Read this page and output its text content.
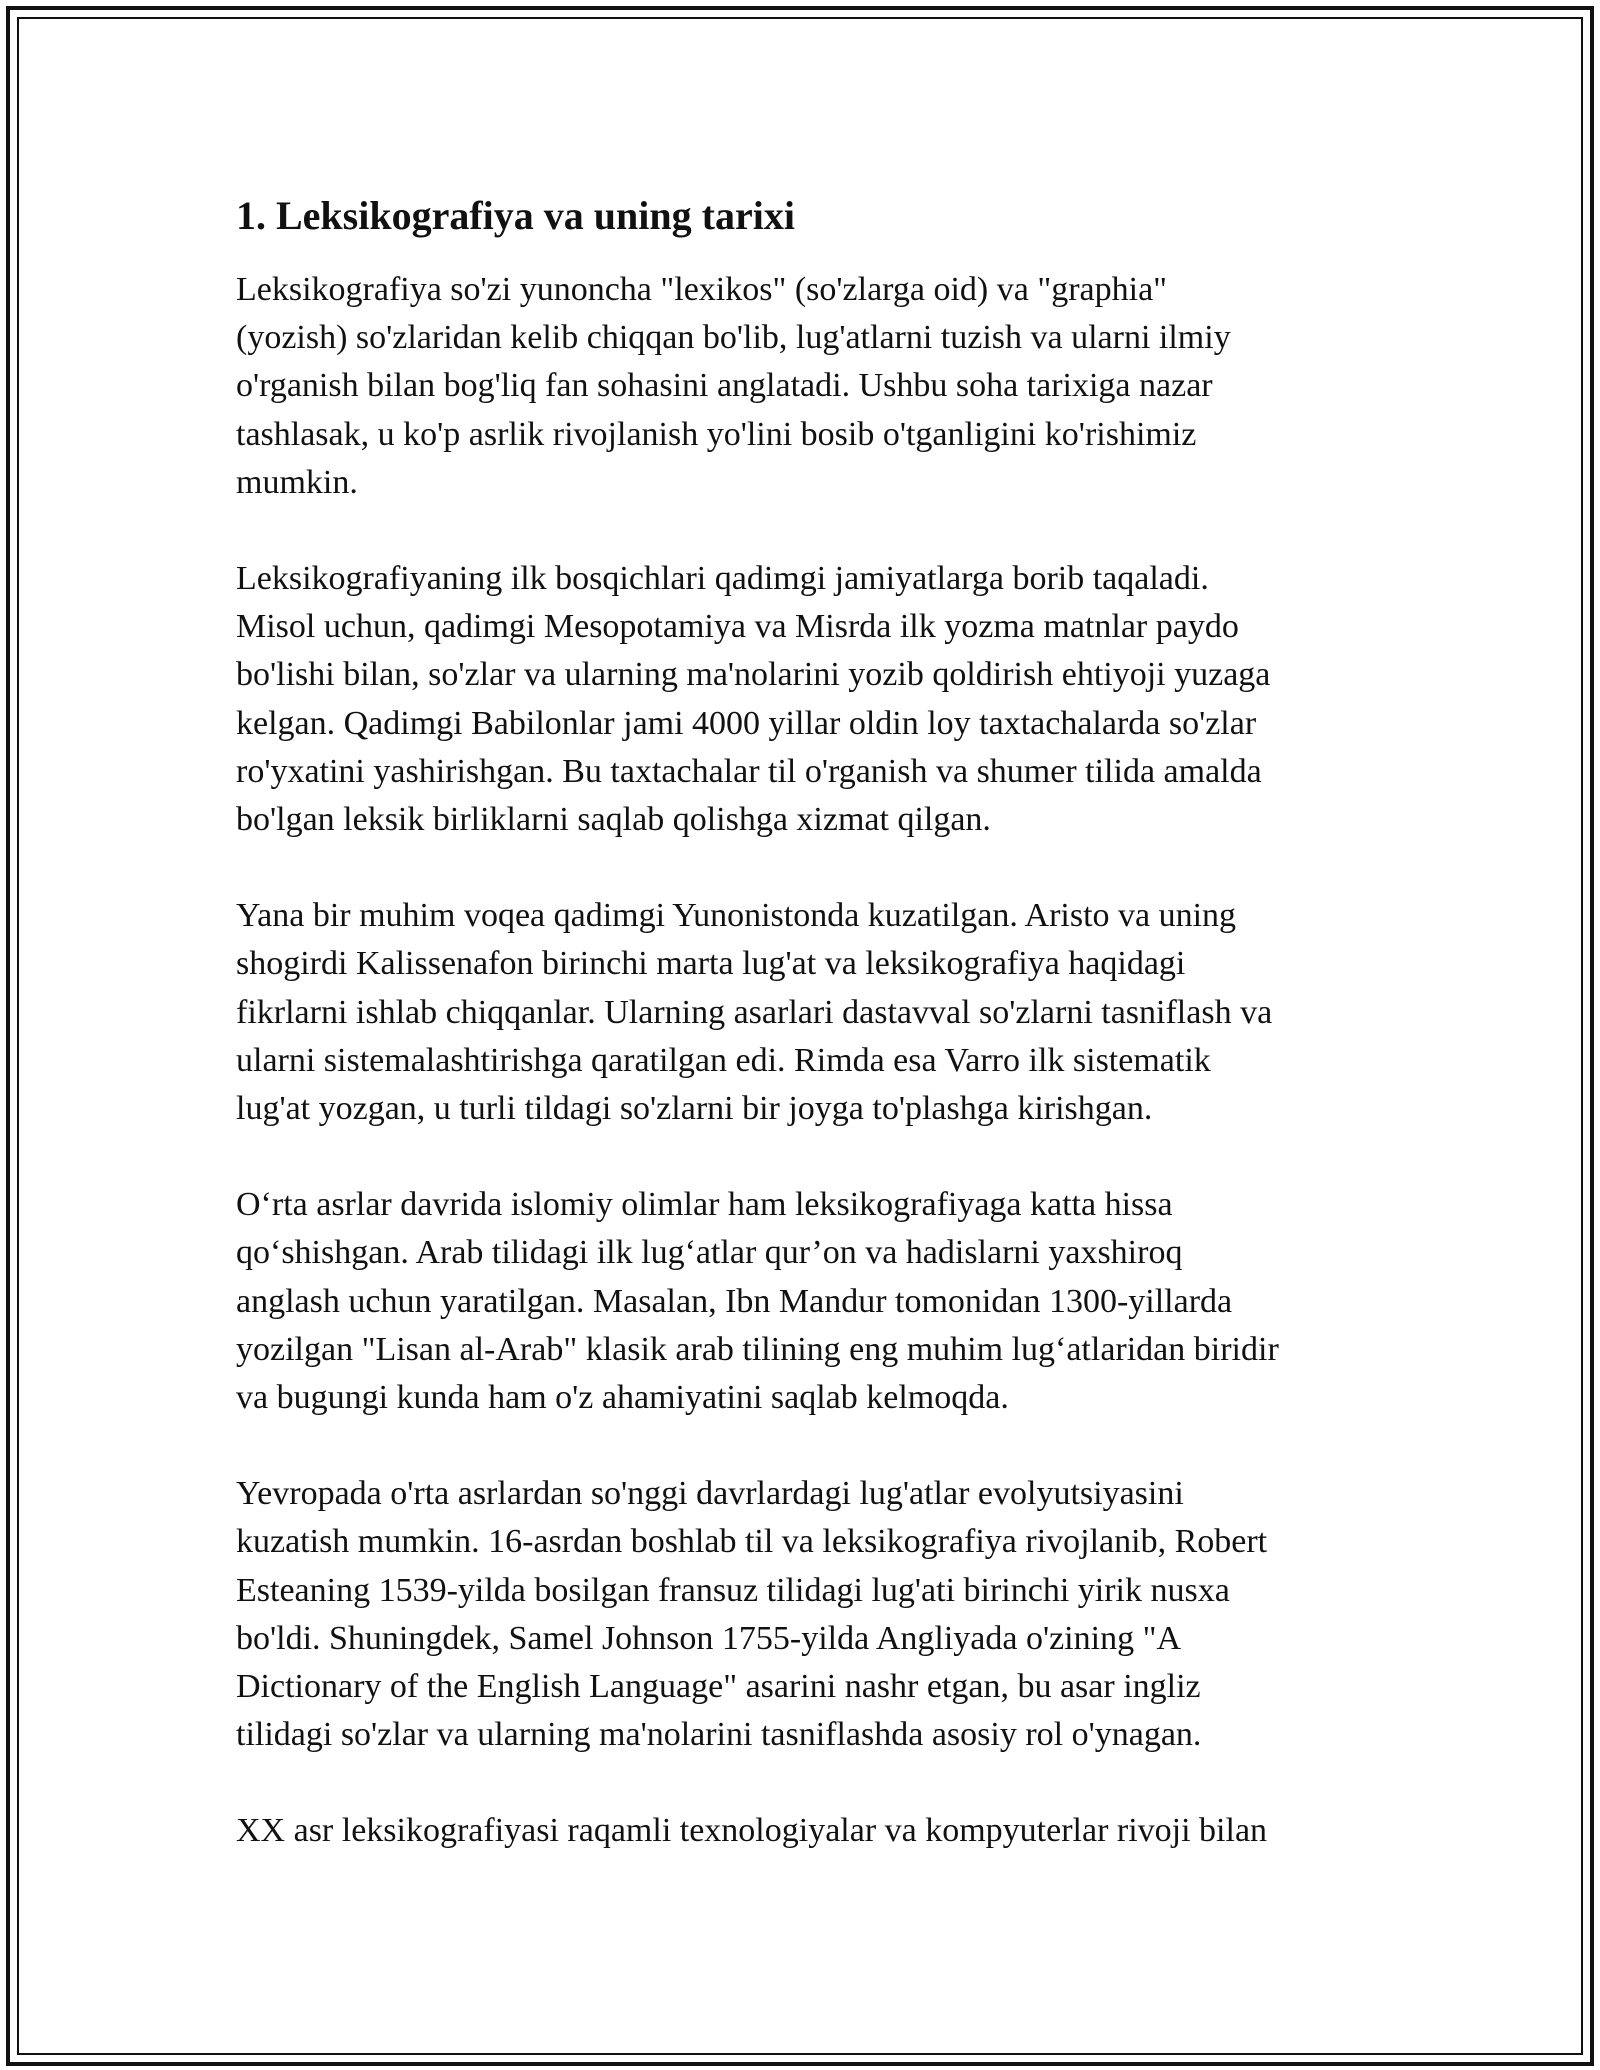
1. Leksikografiya va uning tarixi

Leksikografiya so'zi yunoncha "lexikos" (so'zlarga oid) va "graphia"
(yozish) so'zlaridan kelib chiqqan bo'lib, lug'atlarni tuzish va ularni ilmiy
o'rganish bilan bog'liq fan sohasini anglatadi. Ushbu soha tarixiga nazar
tashlasak, u ko'p asrlik rivojlanish yo'lini bosib o'tganligini ko'rishimiz
mumkin.

Leksikografiyaning ilk bosqichlari qadimgi jamiyatlarga borib taqaladi.
Misol uchun, qadimgi Mesopotamiya va Misrda ilk yozma matnlar paydo
bo'lishi bilan, so'zlar va ularning ma'nolarini yozib qoldirish ehtiyoji yuzaga
kelgan. Qadimgi Babilonlar jami 4000 yillar oldin loy taxtachalarda so'zlar
ro'yxatini yashirishgan. Bu taxtachalar til o'rganish va shumer tilida amalda
bo'lgan leksik birliklarni saqlab qolishga xizmat qilgan.

Yana bir muhim voqea qadimgi Yunonistonda kuzatilgan. Aristo va uning
shogirdi Kalissenafon birinchi marta lug'at va leksikografiya haqidagi
fikrlarni ishlab chiqqanlar. Ularning asarlari dastavval so'zlarni tasniflash va
ularni sistemalashtirishga qaratilgan edi. Rimda esa Varro ilk sistematik
lug'at yozgan, u turli tildagi so'zlarni bir joyga to'plashga kirishgan.

O‘rta asrlar davrida islomiy olimlar ham leksikografiyaga katta hissa
qo‘shishgan. Arab tilidagi ilk lug‘atlar qur’on va hadislarni yaxshiroq
anglash uchun yaratilgan. Masalan, Ibn Mandur tomonidan 1300-yillarda
yozilgan "Lisan al-Arab" klasik arab tilining eng muhim lug‘atlaridan biridir
va bugungi kunda ham o'z ahamiyatini saqlab kelmoqda.

Yevropada o'rta asrlardan so'nggi davrlardagi lug'atlar evolyutsiyasini
kuzatish mumkin. 16-asrdan boshlab til va leksikografiya rivojlanib, Robert
Esteaning 1539-yilda bosilgan fransuz tilidagi lug'ati birinchi yirik nusxa
bo'ldi. Shuningdek, Samel Johnson 1755-yilda Angliyada o'zining "A
Dictionary of the English Language" asarini nashr etgan, bu asar ingliz
tilidagi so'zlar va ularning ma'nolarini tasniflashda asosiy rol o'ynagan.

XX asr leksikografiyasi raqamli texnologiyalar va kompyuterlar rivoji bilan
